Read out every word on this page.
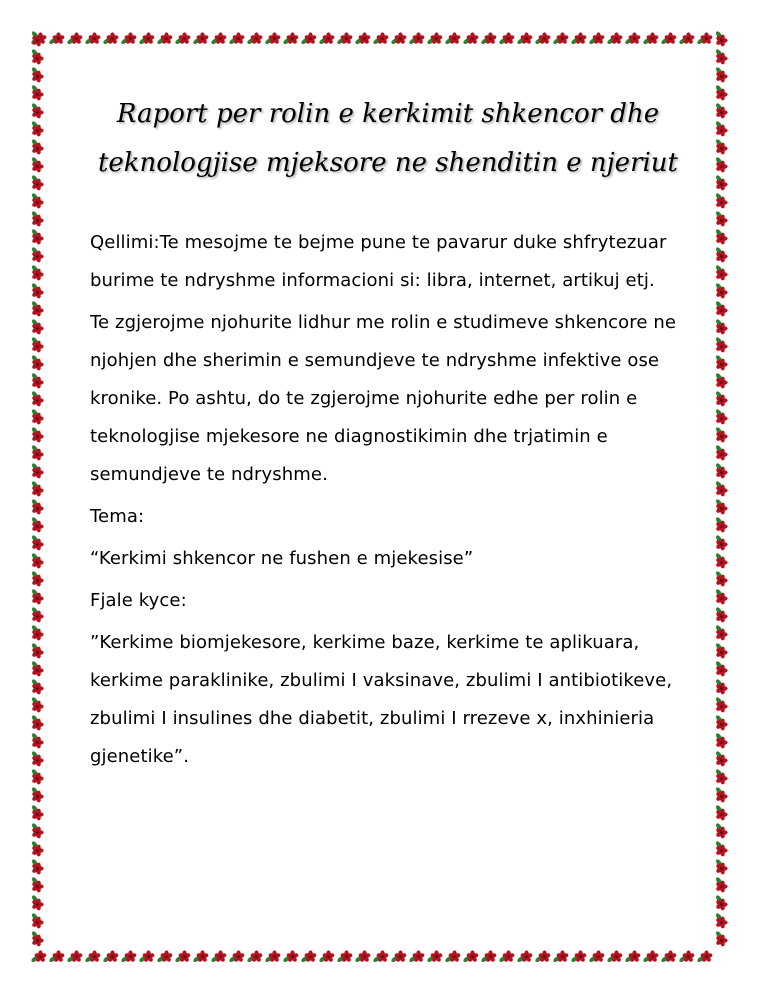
Raport per rolin e kerkimit shkencor dhe
teknologjise mjeksore ne shenditin e njeriut

Qellimi:Te mesojme te bejme pune te pavarur duke shfrytezuar burime te ndryshme informacioni si: libra, internet, artikuj etj.

Te zgjerojme njohurite lidhur me rolin e studimeve shkencore ne njohjen dhe sherimin e semundjeve te ndryshme infektive ose kronike. Po ashtu, do te zgjerojme njohurite edhe per rolin e teknologjise mjekesore ne diagnostikimin dhe trjatimin e semundjeve te ndryshme.

Tema:

“Kerkimi shkencor ne fushen e mjekesise”

Fjale kyce:

”Kerkime biomjekesore, kerkime baze, kerkime te aplikuara, kerkime paraklinike, zbulimi I vaksinave, zbulimi I antibiotikeve, zbulimi I insulines dhe diabetit, zbulimi I rrezeve x, inxhinieria gjenetike”.
